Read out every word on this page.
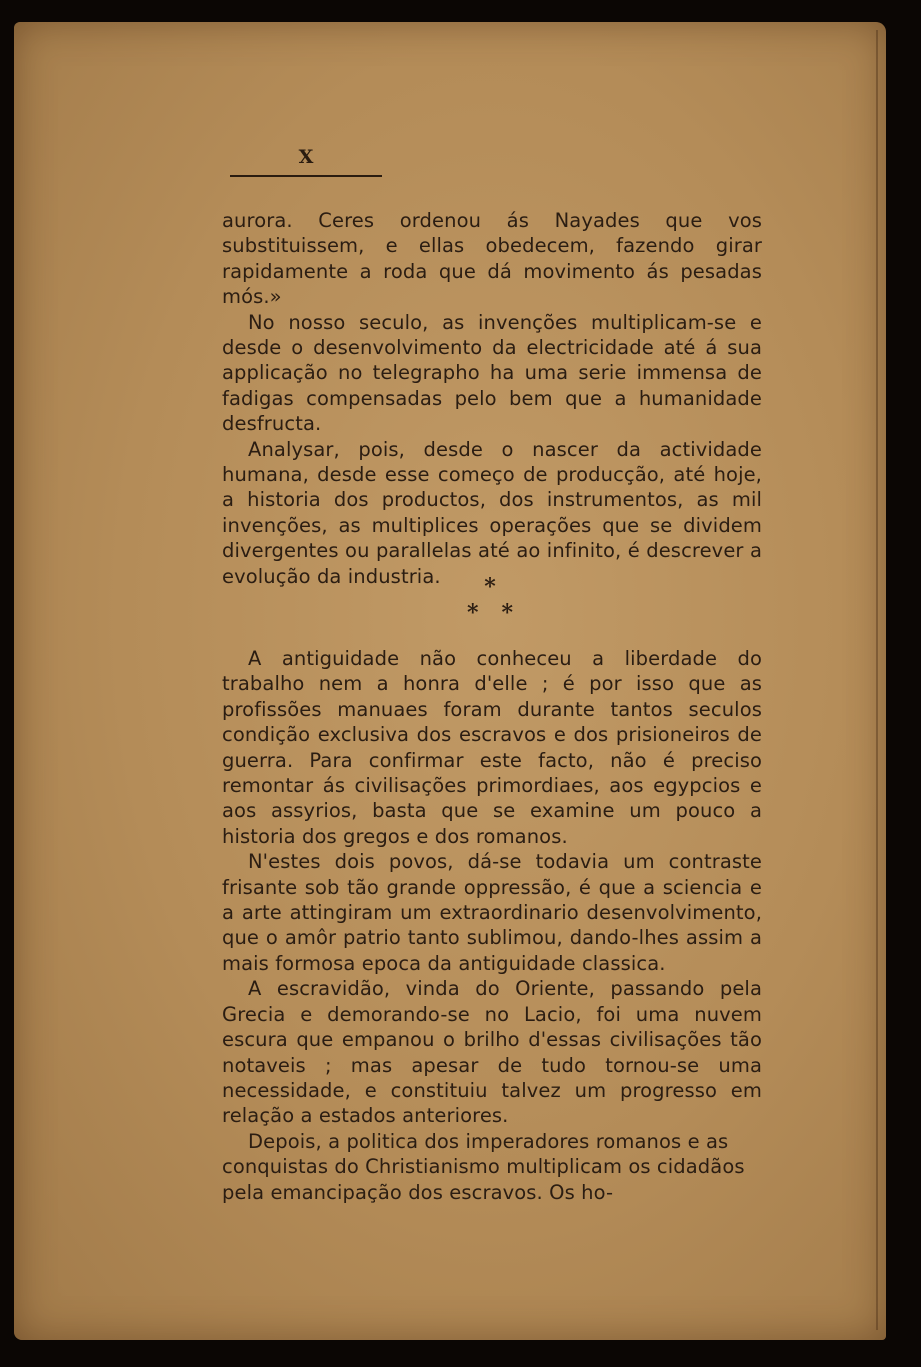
X

aurora. Ceres ordenou ás Nayades que vos substituissem, e ellas obedecem, fazendo girar rapidamente a roda que dá movimento ás pesadas mós.»

No nosso seculo, as invenções multiplicam-se e desde o desenvolvimento da electricidade até á sua applicação no telegrapho ha uma serie immensa de fadigas compensadas pelo bem que a humanidade desfructa.

Analysar, pois, desde o nascer da actividade humana, desde esse começo de producção, até hoje, a historia dos productos, dos instrumentos, as mil invenções, as multiplices operações que se dividem divergentes ou parallelas até ao infinito, é descrever a evolução da industria.	*
*   *

A antiguidade não conheceu a liberdade do trabalho nem a honra d'elle ; é por isso que as profissões manuaes foram durante tantos seculos condição exclusiva dos escravos e dos prisioneiros de guerra. Para confirmar este facto, não é preciso remontar ás civilisações primordiaes, aos egypcios e aos assyrios, basta que se examine um pouco a historia dos gregos e dos romanos.

N'estes dois povos, dá-se todavia um contraste frisante sob tão grande oppressão, é que a sciencia e a arte attingiram um extraordinario desenvolvimento, que o amôr patrio tanto sublimou, dando-lhes assim a mais formosa epoca da antiguidade classica.

A escravidão, vinda do Oriente, passando pela Grecia e demorando-se no Lacio, foi uma nuvem escura que empanou o brilho d'essas civilisações tão notaveis ; mas apesar de tudo tornou-se uma necessidade, e constituiu talvez um progresso em relação a estados anteriores.

Depois, a politica dos imperadores romanos e as conquistas do Christianismo multiplicam os cidadãos pela emancipação dos escravos. Os ho-
